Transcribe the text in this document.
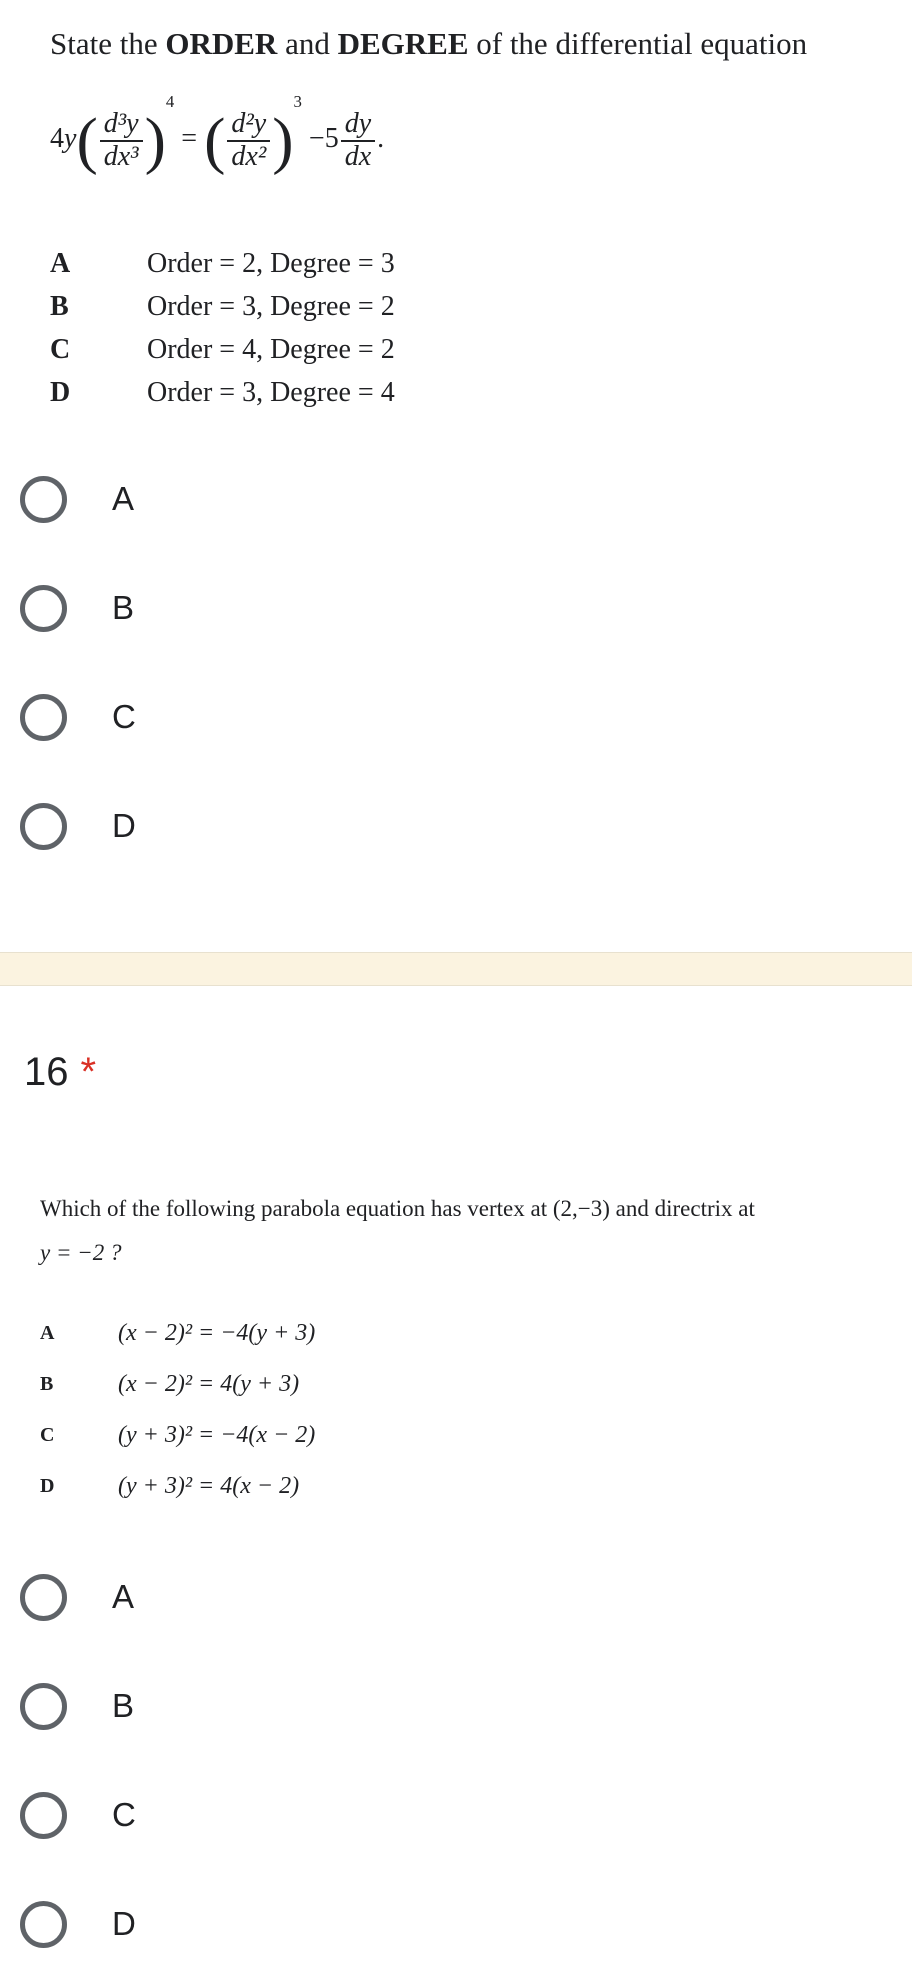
State the ORDER and DEGREE of the differential equation
$4y( \frac{\text{d³y}}{\text{dx³}} )^4$ = ( $\frac{\text{d²y}}{\text{dx²}} )^3 -5 \frac{dy}{dx}$ .
A	Order = 2, Degree = 3
B	Order = 3, Degree = 2
C	Order = 4, Degree = 2
D	Order = 3, Degree = 4
A
B
C
D
16 *
Which of the following parabola equation has vertex at (2,−3) and directrix at
y = −2 ?
A	(x − 2)² = −4(y + 3)
B	(x − 2)² = 4(y + 3)
C	(y + 3)² = −4(x − 2)
D	(y + 3)² = 4(x − 2)
A
B
C
D
